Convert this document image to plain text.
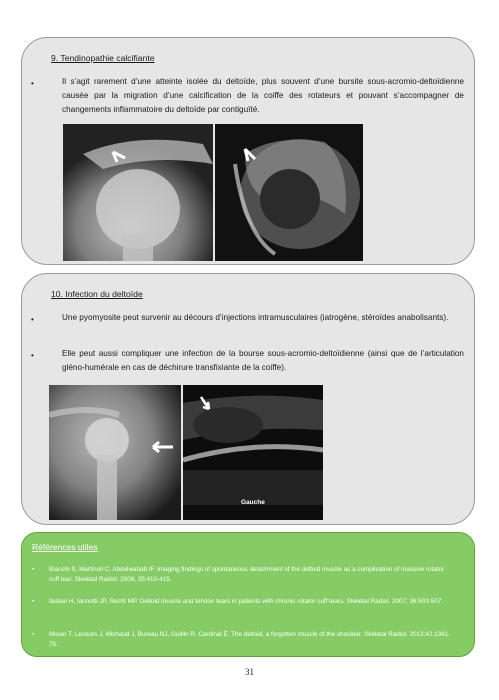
9. Tendinopathie calcifiante
•	Il s’agit rarement d’une atteinte isolée du deltoïde, plus souvent d’une bursite sous-acromio-deltoïdienne causée par la migration d’une calcification de la coiffe des rotateurs et pouvant s’accompagner de changements inflammatoire du deltoïde par contiguïté.
10. Infection du deltoïde
•	Une pyomyosite peut survenir au décours d’injections intramusculaires (iatrogène, stéroïdes anabolisants).
•	Elle peut aussi compliquer une infection de la bourse sous-acromio-deltoïdienne (ainsi que de l’articulation gléno-humérale en cas de déchirure transfixiante de la coiffe).
Gauche
Références utiles
• Bianchi S, Martinoli C, Abdelwahab IF. Imaging findings of spontaneous detachment of the deltoid muscle as a complication of massive rotator cuff tear. Skeletal Radiol. 2006; 35:410-415.
• Ilaslan H, Iannotti JP, Recht MP. Deltoid muscle and tendon tears in patients with chronic rotator cuff tears. Skeletal Radiol. 2007; 36:503-507.
• Moser T, Lecours J, Michaud J, Bureau NJ, Guillin R, Cardinal É. The deltoid, a forgotten muscle of the shoulder. Skeletal Radiol. 2013;42:1361-75.
31
